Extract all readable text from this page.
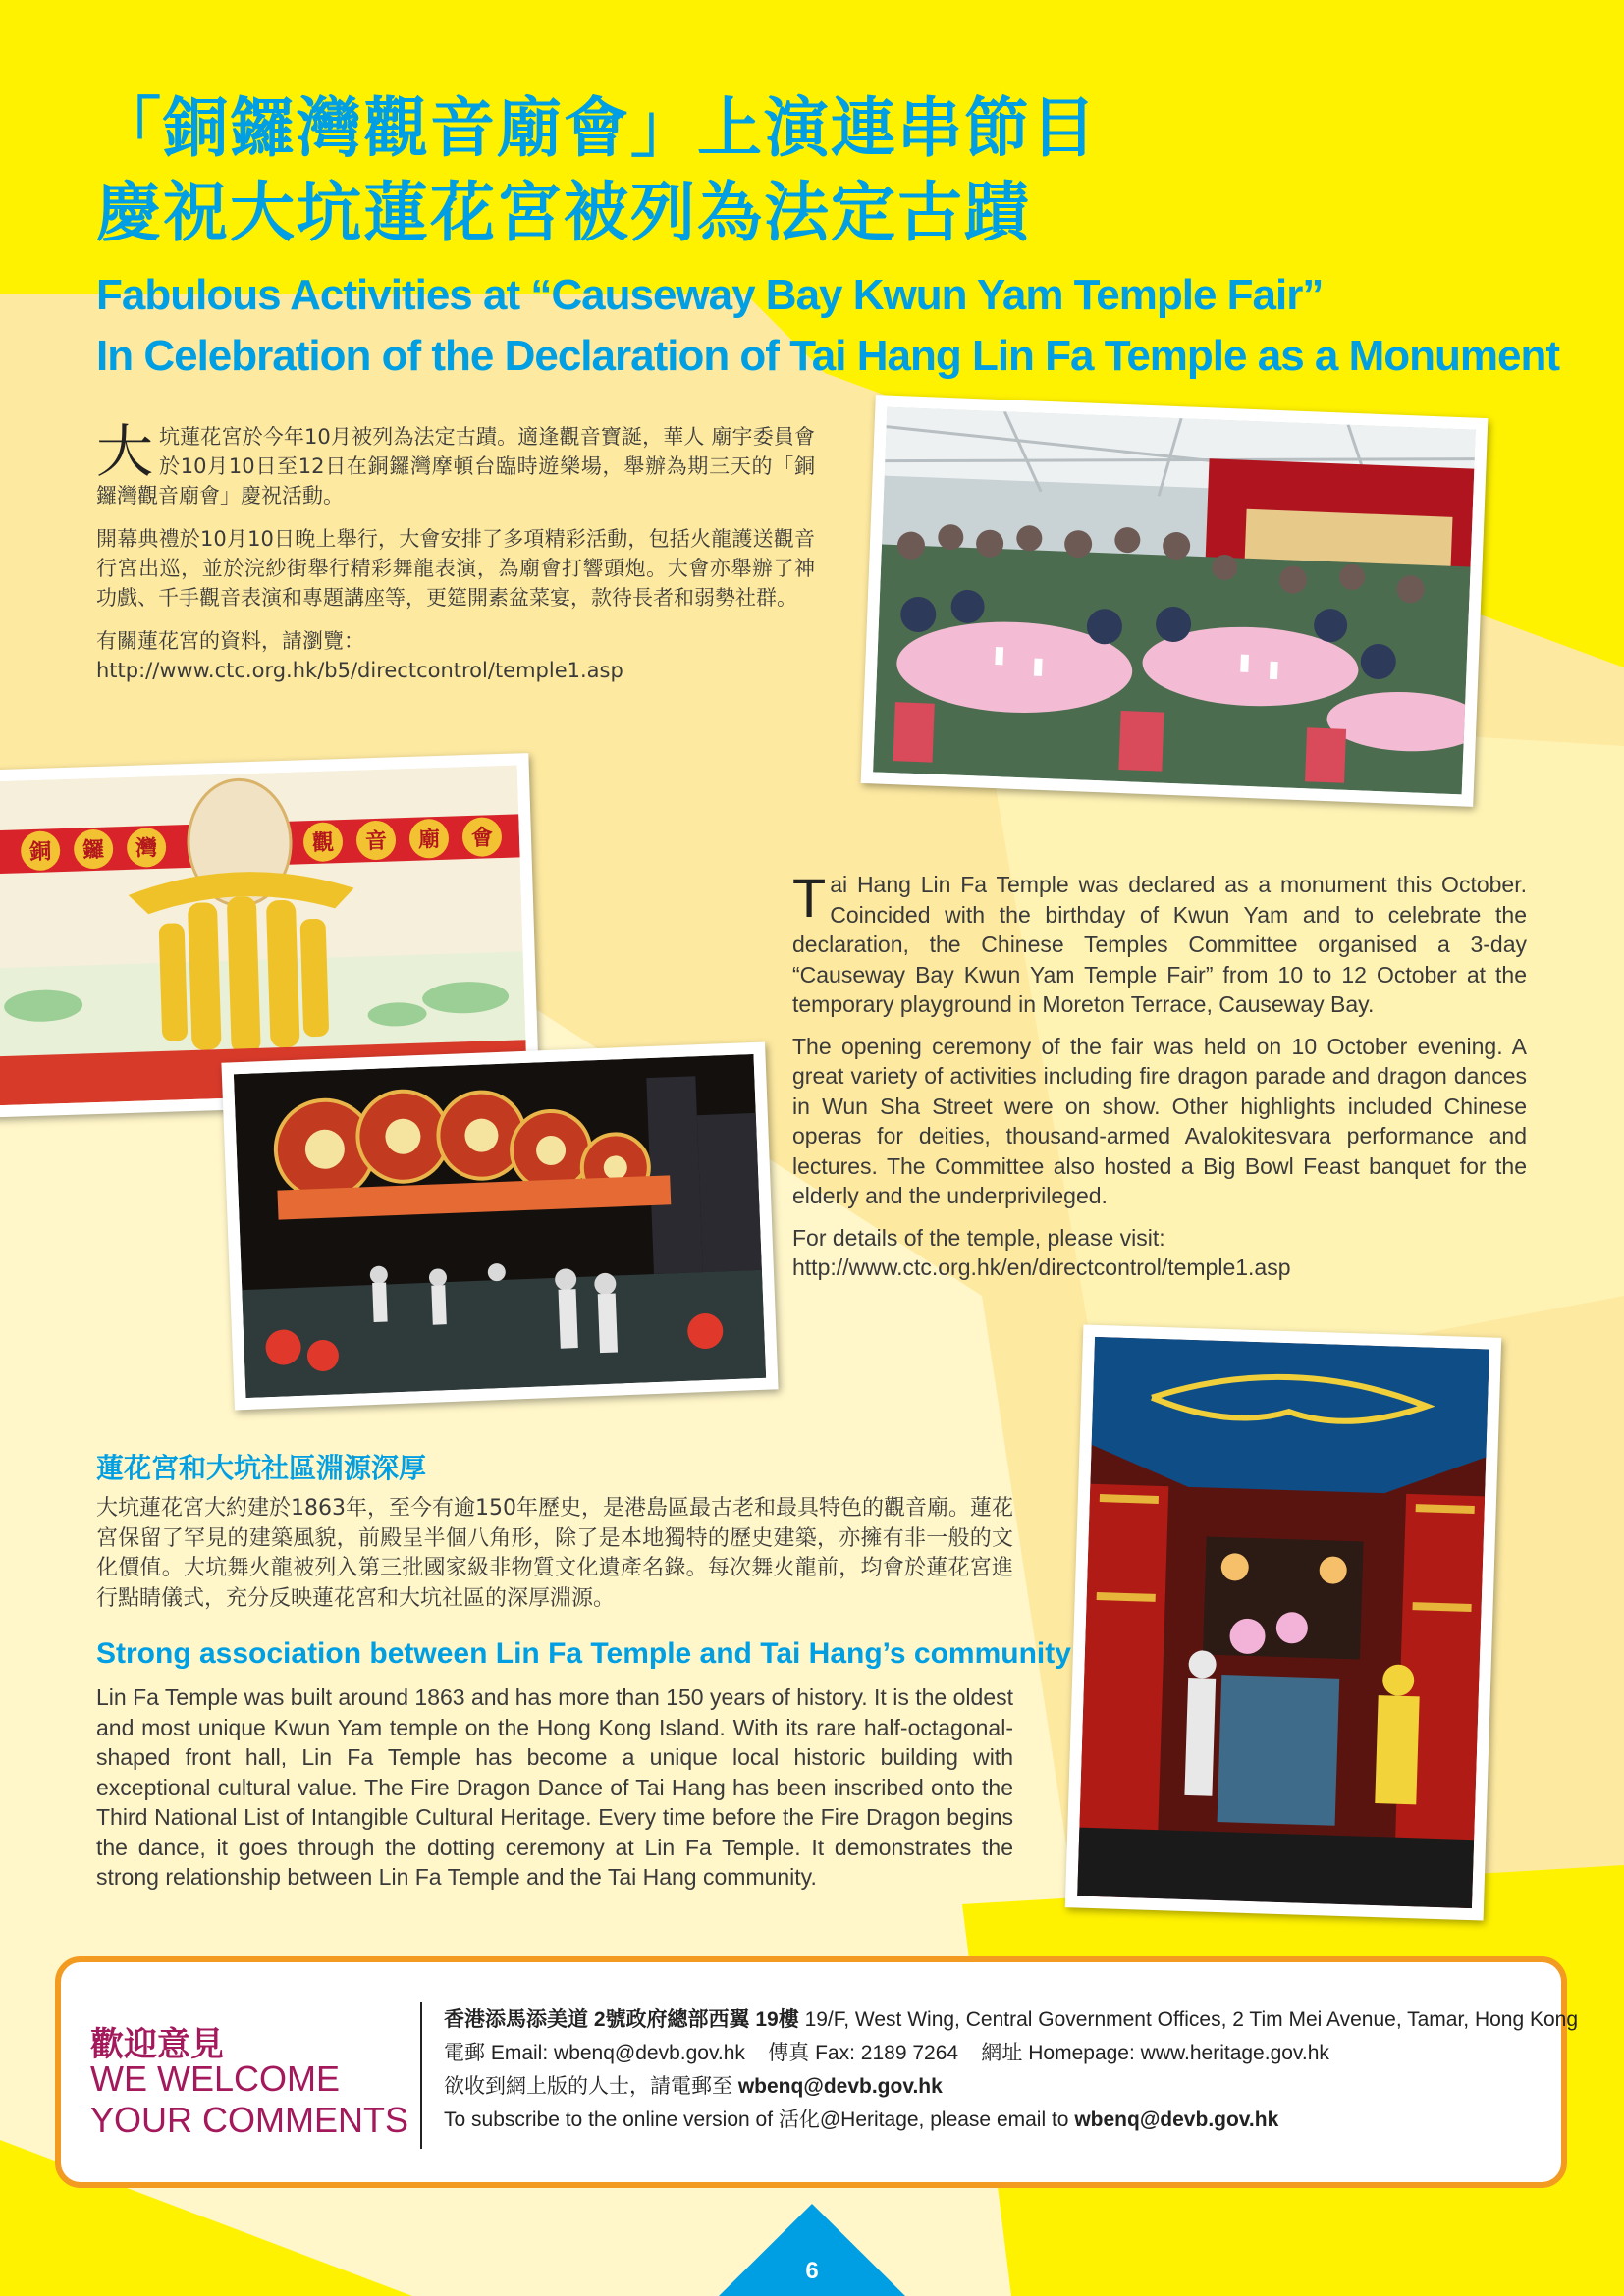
「銅鑼灣觀音廟會」上演連串節目
慶祝大坑蓮花宮被列為法定古蹟
Fabulous Activities at “Causeway Bay Kwun Yam Temple Fair”
In Celebration of the Declaration of Tai Hang Lin Fa Temple as a Monument

大坑蓮花宮於今年10月被列為法定古蹟。適逢觀音寶誕，華人 廟宇委員會於10月10日至12日在銅鑼灣摩頓台臨時遊樂場，舉辦為期三天的「銅鑼灣觀音廟會」慶祝活動。

開幕典禮於10月10日晚上舉行，大會安排了多項精彩活動，包括火龍護送觀音行宮出巡，並於浣紗街舉行精彩舞龍表演，為廟會打響頭炮。大會亦舉辦了神功戲、千手觀音表演和專題講座等，更筵開素盆菜宴，款待長者和弱勢社群。

有關蓮花宮的資料，請瀏覽：
http://www.ctc.org.hk/b5/directcontrol/temple1.asp

Tai Hang Lin Fa Temple was declared as a monument this October. Coincided with the birthday of Kwun Yam and to celebrate the declaration, the Chinese Temples Committee organised a 3-day “Causeway Bay Kwun Yam Temple Fair” from 10 to 12 October at the temporary playground in Moreton Terrace, Causeway Bay.

The opening ceremony of the fair was held on 10 October evening. A great variety of activities including fire dragon parade and dragon dances in Wun Sha Street were on show. Other highlights included Chinese operas for deities, thousand-armed Avalokitesvara performance and lectures. The Committee also hosted a Big Bowl Feast banquet for the elderly and the underprivileged.

For details of the temple, please visit:
http://www.ctc.org.hk/en/directcontrol/temple1.asp

銅 鑼 灣	觀 音 廟 會
蓮花宮和大坑社區淵源深厚

大坑蓮花宮大約建於1863年，至今有逾150年歷史，是港島區最古老和最具特色的觀音廟。蓮花宮保留了罕見的建築風貌，前殿呈半個八角形，除了是本地獨特的歷史建築，亦擁有非一般的文化價值。大坑舞火龍被列入第三批國家級非物質文化遺產名錄。每次舞火龍前，均會於蓮花宮進行點睛儀式，充分反映蓮花宮和大坑社區的深厚淵源。

Strong association between Lin Fa Temple and Tai Hang’s community

Lin Fa Temple was built around 1863 and has more than 150 years of history. It is the oldest and most unique Kwun Yam temple on the Hong Kong Island. With its rare half-octagonal-shaped front hall, Lin Fa Temple has become a unique local historic building with exceptional cultural value. The Fire Dragon Dance of Tai Hang has been inscribed onto the Third National List of Intangible Cultural Heritage. Every time before the Fire Dragon begins the dance, it goes through the dotting ceremony at Lin Fa Temple. It demonstrates the strong relationship between Lin Fa Temple and the Tai Hang community.

歡迎意見
WE WELCOME
YOUR COMMENTS
香港添馬添美道 2號政府總部西翼 19樓 19/F, West Wing, Central Government Offices, 2 Tim Mei Avenue, Tamar, Hong Kong
電郵 Email: wbenq@devb.gov.hk 傳真 Fax: 2189 7264 網址 Homepage: www.heritage.gov.hk
欲收到網上版的人士，請電郵至 wbenq@devb.gov.hk
To subscribe to the online version of 活化@Heritage, please email to wbenq@devb.gov.hk
6
